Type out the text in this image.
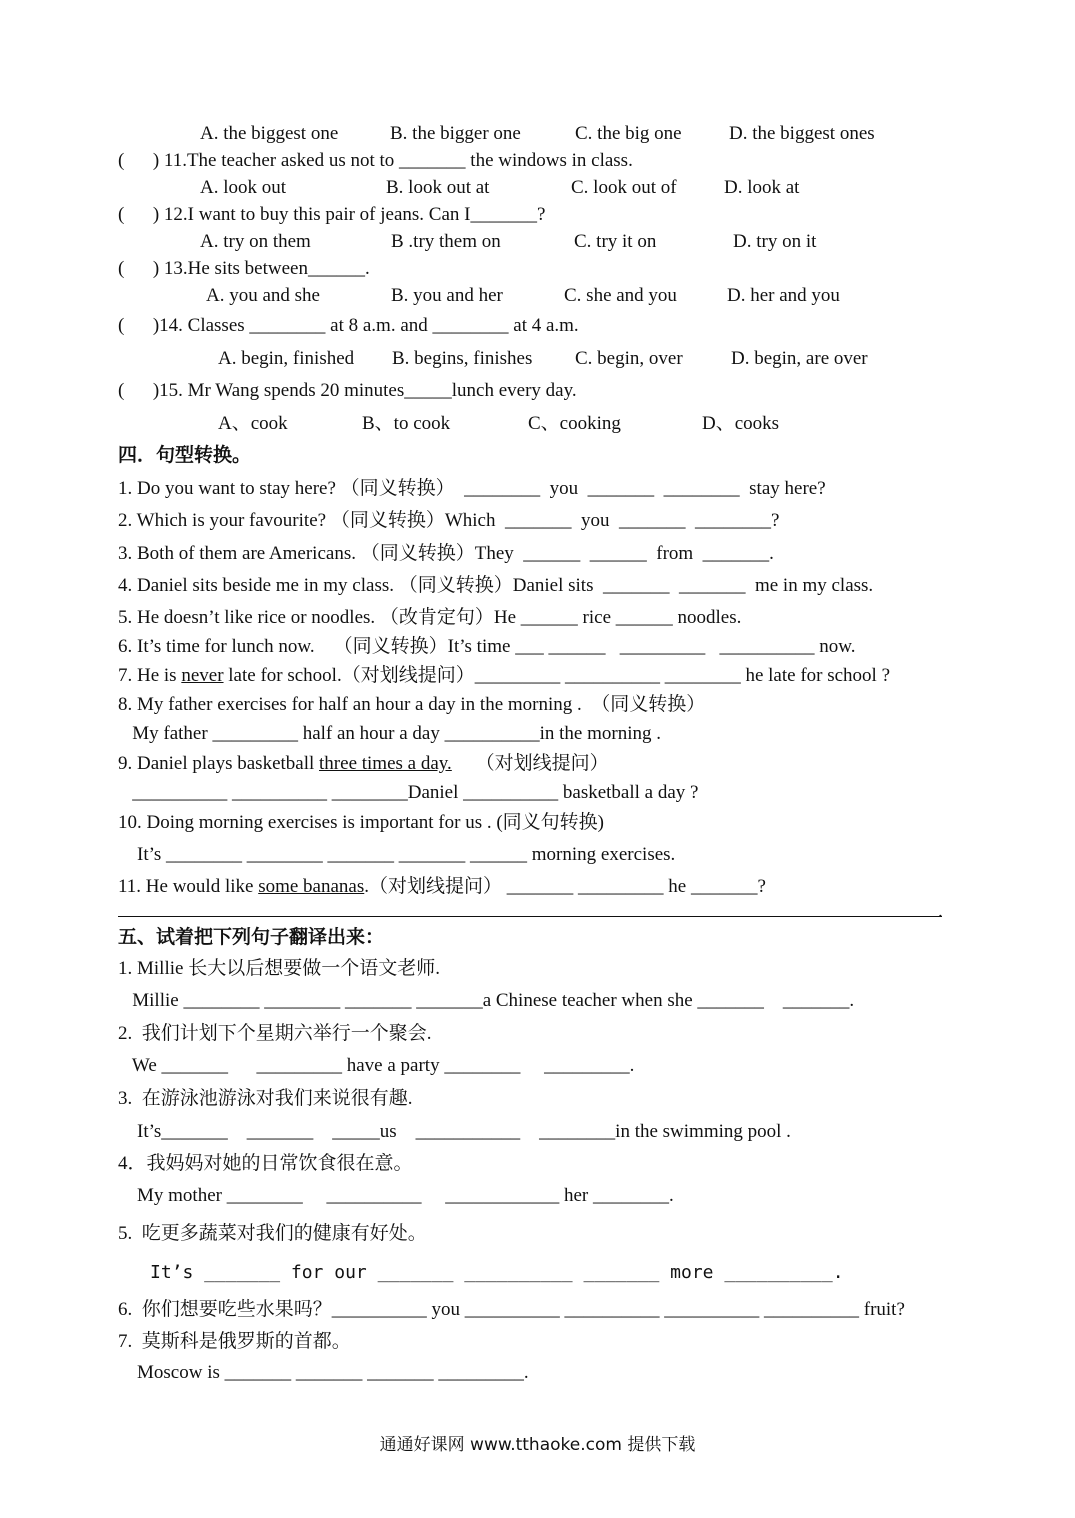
A. the biggest one	B. the bigger one	C. the big one D. the biggest ones
(      ) 11.The teacher asked us not to _______ the windows in class.
A. look out	B. look out at	C. look out of D. look at
(      ) 12.I want to buy this pair of jeans. Can I_______?
A. try on them	B .try them on	C. try it on	D. try on it
(      ) 13.He sits between______.
A. you and she	B. you and her	C. she and you	D. her and you
(      )14. Classes ________ at 8 a.m. and ________ at 4 a.m.
A. begin, finished B. begins, finishes C. begin, over	D. begin, are over
(      )15. Mr Wang spends 20 minutes_____lunch every day.
A、cook	B、to cook	C、cooking	D、cooks
四．句型转换。
1. Do you want to stay here? （同义转换）  ________  you  _______  ________  stay here?
2. Which is your favourite? （同义转换）Which  _______  you  _______  ________?
3. Both of them are Americans. （同义转换）They  ______  ______  from  _______.
4. Daniel sits beside me in my class. （同义转换）Daniel sits  _______  _______  me in my class.
5. He doesn’t like rice or noodles. （改肯定句）He ______ rice ______ noodles.
6. It’s time for lunch now.    （同义转换）It’s time ___ ______   _________   __________ now.
7. He is never late for school.（对划线提问）_________ __________ ________ he late for school ?
8. My father exercises for half an hour a day in the morning .  （同义转换）
My father _________ half an hour a day __________in the morning .
9. Daniel plays basketball three times a day.     （对划线提问）
__________ __________ ________Daniel __________ basketball a day ?
10. Doing morning exercises is important for us . (同义句转换)
It’s ________ ________ _______ _______ ______ morning exercises.
11. He would like some bananas.（对划线提问） _______ _________ he _______?
.
五、试着把下列句子翻译出来：
1. Millie 长大以后想要做一个语文老师.
Millie ________ ________ _______ _______a Chinese teacher when she _______    _______.
2.  我们计划下个星期六举行一个聚会.
We _______      _________ have a party ________     _________.
3.  在游泳池游泳对我们来说很有趣.
It’s_______    _______    _____us    ___________    ________in the swimming pool .
4．我妈妈对她的日常饮食很在意。
My mother ________     __________     ____________ her ________.
5.  吃更多蔬菜对我们的健康有好处。
It’s _______ for our _______ __________ _______ more __________.
6.  你们想要吃些水果吗？__________ you __________ __________ __________ __________ fruit?
7.  莫斯科是俄罗斯的首都。
Moscow is _______ _______ _______ _________.
通通好课网 www.tthaoke.com 提供下载
